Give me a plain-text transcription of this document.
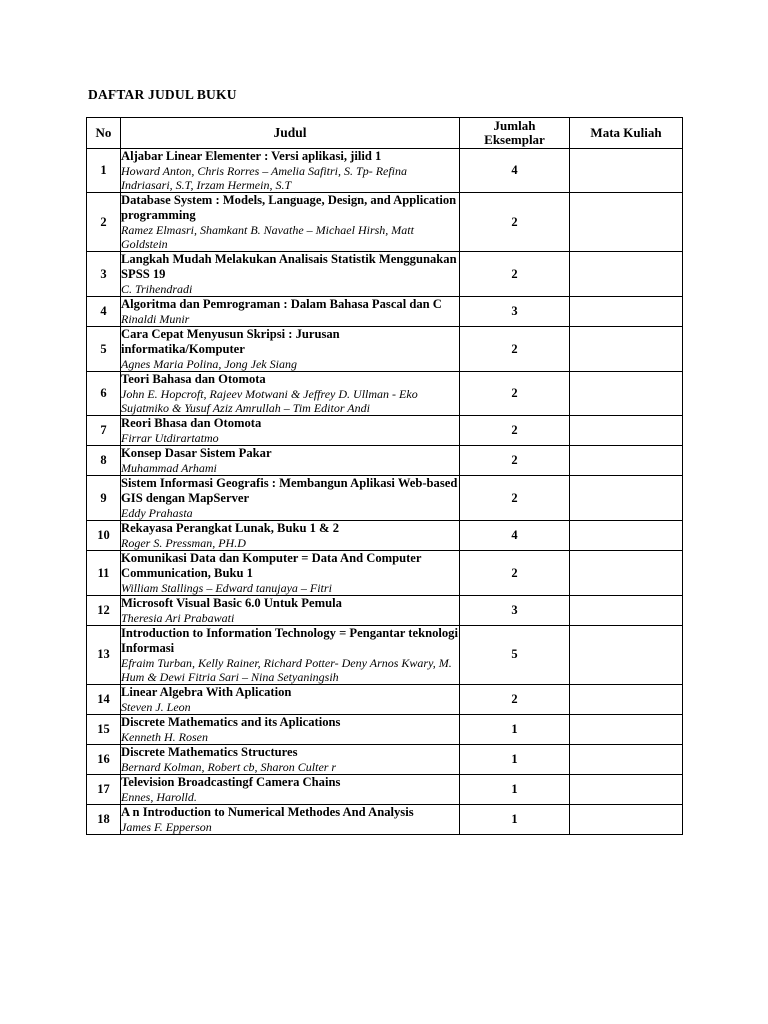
DAFTAR JUDUL BUKU
No	Judul	Jumlah
Eksemplar	Mata Kuliah
1	Aljabar Linear Elementer : Versi aplikasi, jilid 1
Howard Anton, Chris Rorres – Amelia Safitri, S. Tp- Refina Indriasari, S.T, Irzam Hermein, S.T	4	
2	Database System : Models, Language, Design, and Application programming
Ramez Elmasri, Shamkant B. Navathe – Michael Hirsh, Matt Goldstein	2	
3	Langkah Mudah Melakukan Analisais Statistik Menggunakan SPSS 19
C. Trihendradi	2	
4	Algoritma dan Pemrograman : Dalam Bahasa Pascal dan C
Rinaldi Munir	3	
5	Cara Cepat Menyusun Skripsi : Jurusan informatika/Komputer
Agnes Maria Polina, Jong Jek Siang	2	
6	Teori Bahasa dan Otomota
John E. Hopcroft, Rajeev Motwani & Jeffrey D. Ullman - Eko Sujatmiko & Yusuf Aziz Amrullah – Tim Editor Andi	2	
7	Reori Bhasa dan Otomota
Firrar Utdirartatmo	2	
8	Konsep Dasar Sistem Pakar
Muhammad Arhami	2	
9	Sistem Informasi Geografis : Membangun Aplikasi Web-based GIS dengan MapServer
Eddy Prahasta	2	
10	Rekayasa Perangkat Lunak, Buku 1 & 2
Roger S. Pressman, PH.D	4	
11	Komunikasi Data dan Komputer = Data And Computer Communication, Buku 1
William Stallings – Edward tanujaya – Fitri	2	
12	Microsoft Visual Basic 6.0 Untuk Pemula
Theresia Ari Prabawati	3	
13	Introduction to Information Technology = Pengantar teknologi Informasi
Efraim Turban, Kelly Rainer, Richard Potter- Deny Arnos Kwary, M. Hum & Dewi Fitria Sari – Nina Setyaningsih	5	
14	Linear Algebra With Aplication
Steven J. Leon	2	
15	Discrete Mathematics and its Aplications
Kenneth H. Rosen	1	
16	Discrete Mathematics Structures
Bernard Kolman, Robert cb, Sharon Culter r	1	
17	Television Broadcastingf Camera Chains
Ennes, Harolld.	1	
18	A n Introduction to Numerical Methodes And Analysis
James F. Epperson	1	
